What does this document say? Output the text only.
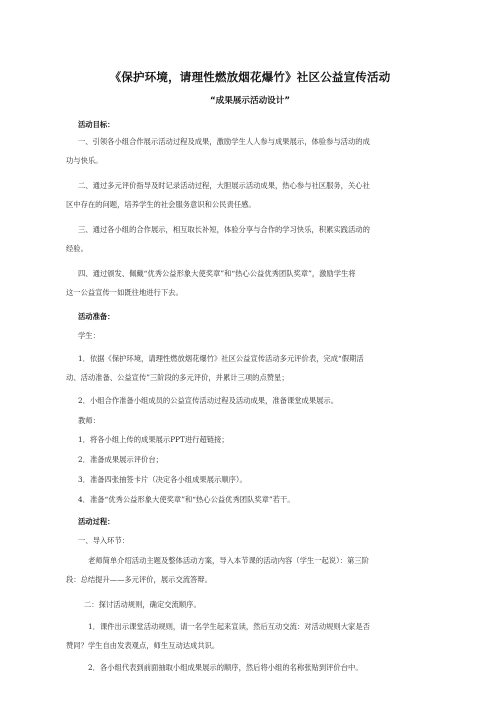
《保护环境，请理性燃放烟花爆竹》社区公益宣传活动
“成果展示活动设计”
活动目标：
一、引领各小组合作展示活动过程及成果，激励学生人人参与成果展示，体验参与活动的成
功与快乐。
二、通过多元评价指导及时记录活动过程，大胆展示活动成果，热心参与社区服务，关心社
区中存在的问题，培养学生的社会服务意识和公民责任感。
三、通过各小组的合作展示，相互取长补短，体验分享与合作的学习快乐，积累实践活动的
经验。
四、通过颁发、佩戴“优秀公益形象大使奖章”和“热心公益优秀团队奖章”，激励学生将
这一公益宣传一如既往地进行下去。
活动准备：
学生：
1．依据《保护环境，请理性燃放烟花爆竹》社区公益宣传活动多元评价表，完成“假期活
动、活动准备、公益宣传”三阶段的多元评价，并累计三项的点赞星；
2．小组合作准备小组成员的公益宣传活动过程及活动成果，准备课堂成果展示。
教师：
1．将各小组上传的成果展示PPT进行超链接；
2．准备成果展示评价台；
3．准备四张抽签卡片（决定各小组成果展示顺序）。
4．准备“优秀公益形象大使奖章”和“热心公益优秀团队奖章”若干。
活动过程：
一、导入环节：
老师简单介绍活动主题及整体活动方案，导入本节课的活动内容（学生一起说）：第三阶
段：总结提升——多元评价，展示交流答辩。
二：探讨活动规则，确定交流顺序。
1．课件出示课堂活动规则，请一名学生起来宣读，然后互动交流：对活动规则大家是否
赞同？学生自由发表观点，师生互动达成共识。
2．各小组代表到前面抽取小组成果展示的顺序，然后将小组的名称张贴到评价台中。
